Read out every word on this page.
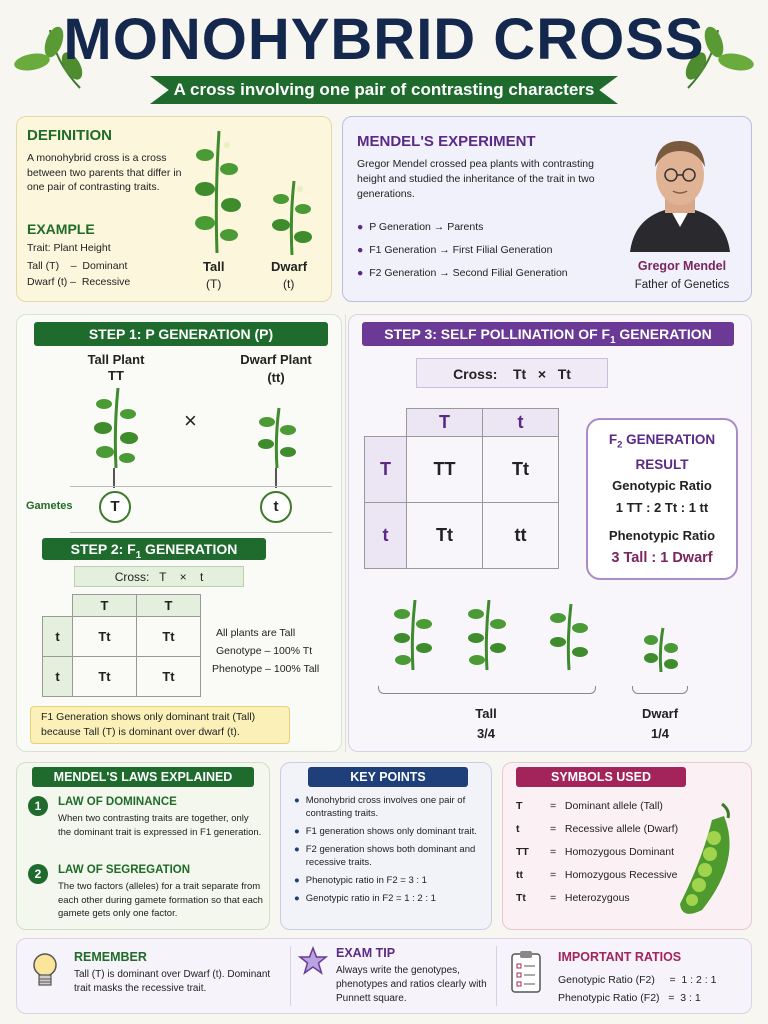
MONOHYBRID CROSS
A cross involving one pair of contrasting characters
DEFINITION
A monohybrid cross is a cross between two parents that differ in one pair of contrasting traits.
EXAMPLE
Trait: Plant Height
Tall (T)    –  Dominant
Dwarf (t) –  Recessive
Tall
(T)
Dwarf
(t)
MENDEL'S EXPERIMENT
Gregor Mendel crossed pea plants with contrasting height and studied the inheritance of the trait in two generations.
● P Generation → Parents
● F1 Generation → First Filial Generation
● F2 Generation → Second Filial Generation	Gregor Mendel
Father of Genetics
STEP 1: P GENERATION (P)
Tall Plant
TT
Dwarf Plant
(tt)
×
Gametes	T	t
STEP 2: $F_1$ GENERATION
Cross:   T    ×    t
	T	T
t	Tt	Tt
t	Tt	Tt
All plants are Tall
Genotype – 100% Tt
Phenotype – 100% Tall
F1 Generation shows only dominant trait (Tall) because Tall (T) is dominant over dwarf (t).
STEP 3: SELF POLLINATION OF $F_1$ GENERATION
Cross:    Tt   ×   Tt
	T	t
T	TT	Tt
t	Tt	tt
$F_2$ GENERATION RESULT
Genotypic Ratio
1 TT : 2 Tt : 1 tt
Phenotypic Ratio
3 Tall : 1 Dwarf
Tall
3/4
Dwarf
1/4
MENDEL'S LAWS EXPLAINED
1	LAW OF DOMINANCE
When two contrasting traits are together, only the dominant trait is expressed in F1 generation.
2	LAW OF SEGREGATION
The two factors (alleles) for a trait separate from each other during gamete formation so that each gamete gets only one factor.
KEY POINTS
● Monohybrid cross involves one pair of contrasting traits.
● F1 generation shows only dominant trait.
● F2 generation shows both dominant and recessive traits.
● Phenotypic ratio in F2 = 3 : 1
● Genotypic ratio in F2 = 1 : 2 : 1
SYMBOLS USED
T	=   Dominant allele (Tall)
t	=   Recessive allele (Dwarf)
TT	=   Homozygous Dominant
tt	=   Homozygous Recessive
Tt	=   Heterozygous
REMEMBER
Tall (T) is dominant over Dwarf (t). Dominant trait masks the recessive trait.
EXAM TIP
Always write the genotypes, phenotypes and ratios clearly with Punnett square.
IMPORTANT RATIOS
Genotypic Ratio (F2)     =  1 : 2 : 1
Phenotypic Ratio (F2)   =  3 : 1
